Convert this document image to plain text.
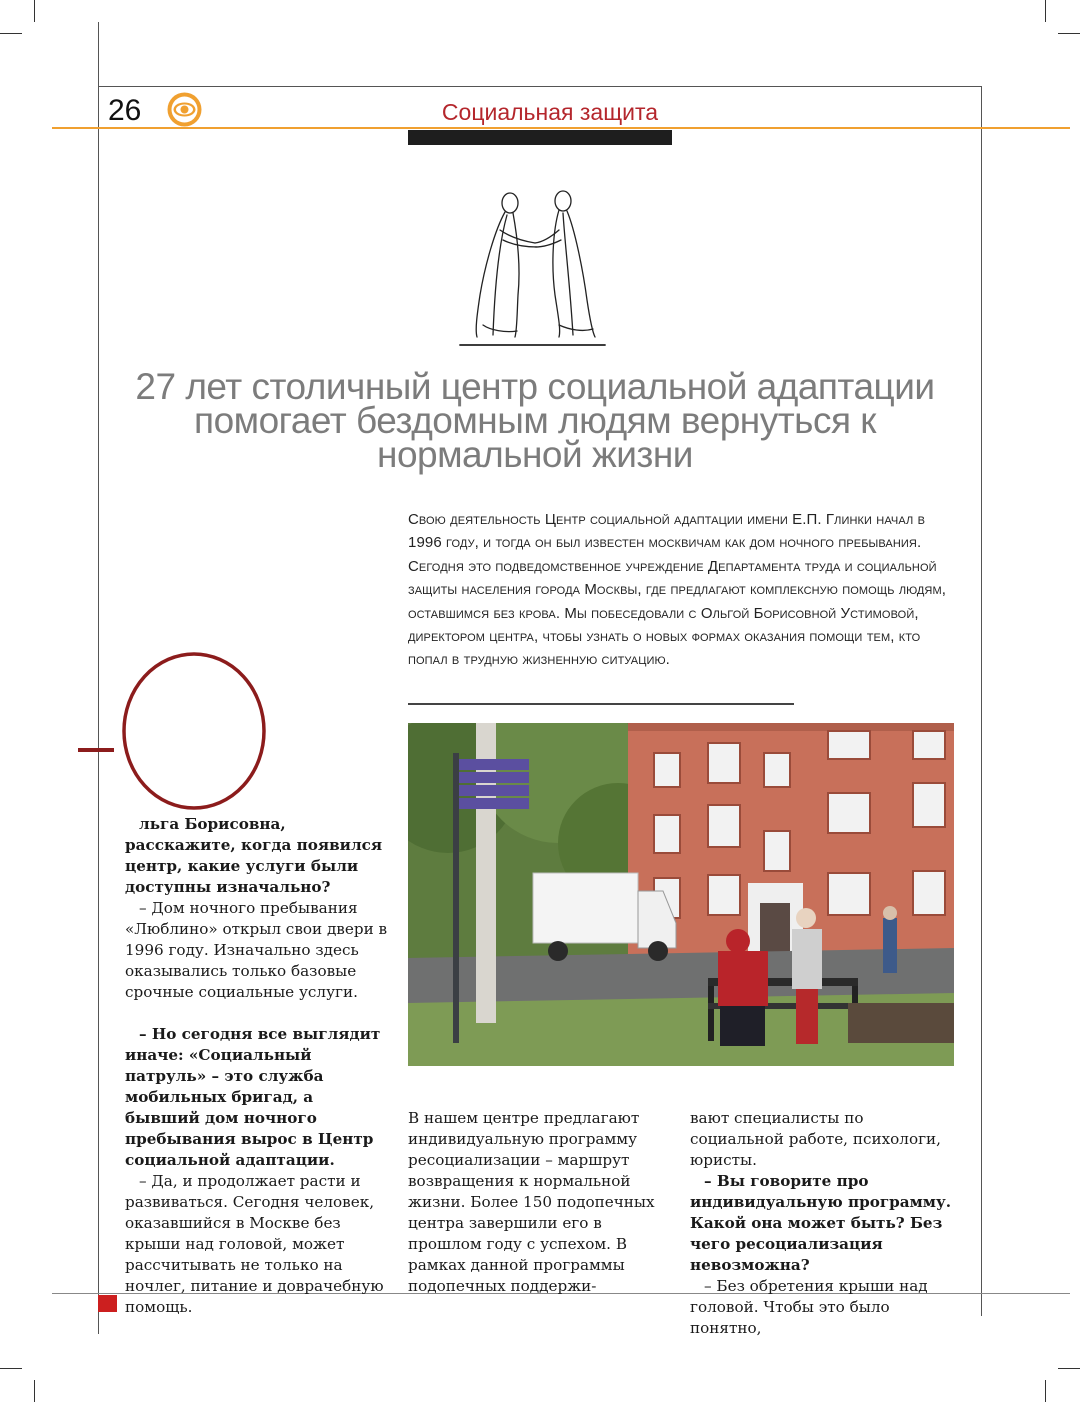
26	Социальная защита
27 лет столичный центр социальной адаптации
помогает бездомным людям вернуться к
нормальной жизни
Свою деятельность Центр социальной адаптации имени Е.П. Глинки начал в 1996 году, и тогда он был известен москвичам как дом ночного пребывания. Сегодня это подведомственное учреждение Департамента труда и социальной защиты населения города Москвы, где предлагают комплексную помощь людям, оставшимся без крова. Мы побеседовали с Ольгой Борисовной Устимовой, директором центра, чтобы узнать о новых формах оказания помощи тем, кто попал в трудную жизненную ситуацию.

льга Борисовна, расскажите, когда появился центр, какие услуги были доступны изначально?

– Дом ночного пребывания «Люблино» открыл свои двери в 1996 году. Изначально здесь оказывались только базовые срочные социальные услуги.

– Но сегодня все выглядит иначе: «Социальный патруль» – это служба мобильных бригад, а бывший дом ночного пребывания вырос в Центр социальной адаптации.

– Да, и продолжает расти и развиваться. Сегодня человек, оказавшийся в Москве без крыши над головой, может рассчитывать не только на ночлег, питание и доврачебную помощь.

В нашем центре предлагают индивидуальную программу ресоциализации – маршрут возвращения к нормальной жизни. Более 150 подопечных центра завершили его в прошлом году с успехом. В рамках данной программы подопечных поддержи-

вают специалисты по социальной работе, психологи, юристы.

– Вы говорите про индивидуальную программу. Какой она может быть? Без чего ресоциализация невозможна?

– Без обретения крыши над головой. Чтобы это было понятно,
